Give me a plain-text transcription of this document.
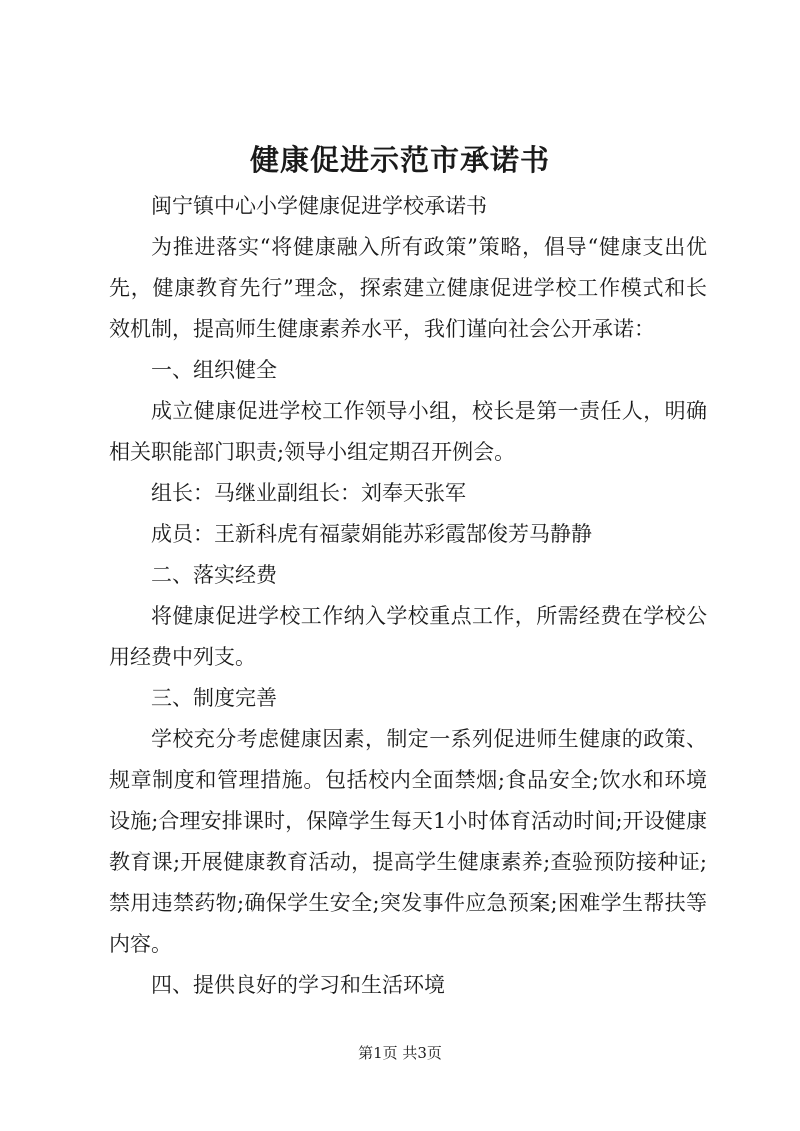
健康促进示范市承诺书

闽宁镇中心小学健康促进学校承诺书

为推进落实“将健康融入所有政策”策略，倡导“健康支出优先，健康教育先行”理念，探索建立健康促进学校工作模式和长效机制，提高师生健康素养水平，我们谨向社会公开承诺：

一、组织健全

成立健康促进学校工作领导小组，校长是第一责任人，明确相关职能部门职责;领导小组定期召开例会。

组长：马继业副组长：刘奉天张军

成员：王新科虎有福蒙娟能苏彩霞郜俊芳马静静

二、落实经费

将健康促进学校工作纳入学校重点工作，所需经费在学校公用经费中列支。

三、制度完善

学校充分考虑健康因素，制定一系列促进师生健康的政策、规章制度和管理措施。包括校内全面禁烟;食品安全;饮水和环境设施;合理安排课时，保障学生每天1小时体育活动时间;开设健康教育课;开展健康教育活动，提高学生健康素养;查验预防接种证;禁用违禁药物;确保学生安全;突发事件应急预案;困难学生帮扶等内容。

四、提供良好的学习和生活环境

第1页 共3页
